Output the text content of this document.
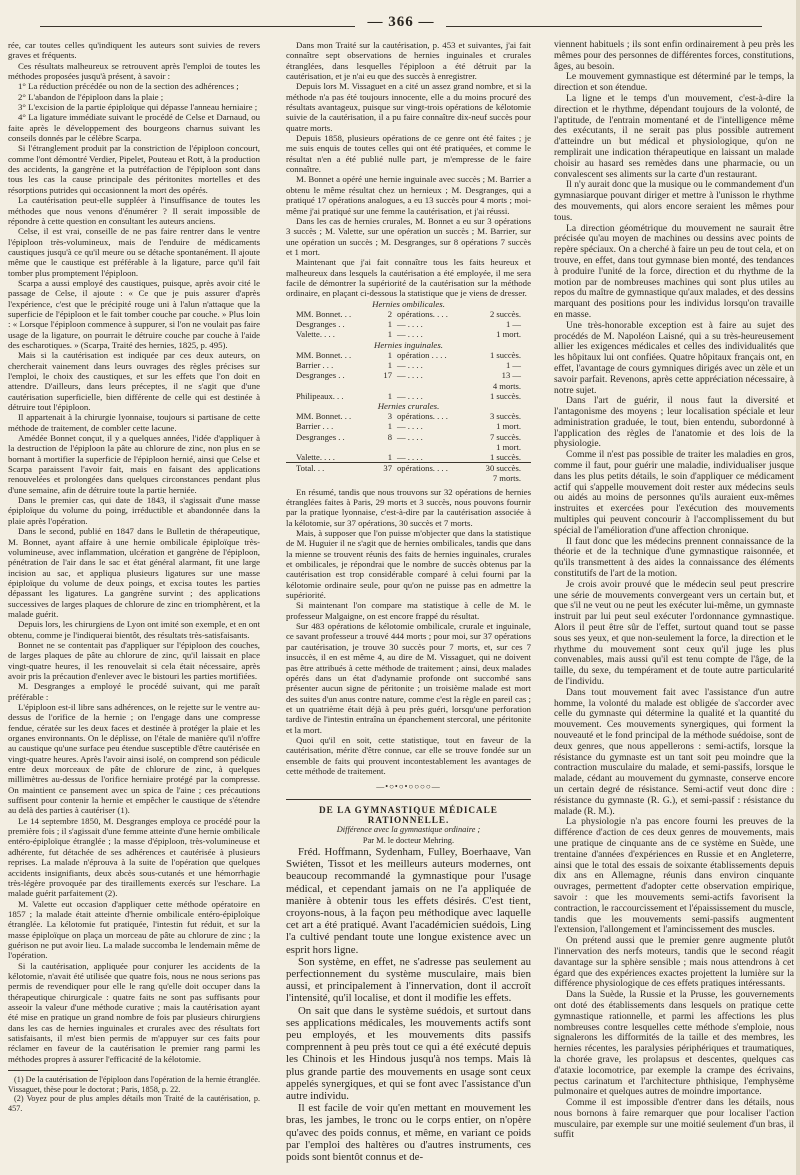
— 366 —

rée, car toutes celles qu'indiquent les auteurs sont suivies de revers graves et fréquents.

Ces résultats malheureux se retrouvent après l'emploi de toutes les méthodes proposées jusqu'à présent, à savoir :

1° La réduction précédée ou non de la section des adhérences ;

2° L'abandon de l'épiploon dans la plaie ;

3° L'excision de la partie épiploïque qui dépasse l'anneau herniaire ;

4° La ligature immédiate suivant le procédé de Celse et Darnaud, ou faite après le développement des bourgeons charnus suivant les conseils donnés par le célèbre Scarpa.

Si l'étranglement produit par la constriction de l'épiploon concourt, comme l'ont démontré Verdier, Pipelet, Pouteau et Rott, à la production des accidents, la gangrène et la putréfaction de l'épiploon sont dans tous les cas la cause principale des péritonites mortelles et des résorptions putrides qui occasionnent la mort des opérés.

La cautérisation peut-elle suppléer à l'insuffisance de toutes les méthodes que nous venons d'énumérer ? Il serait impossible de répondre à cette question en consultant les auteurs anciens.

Celse, il est vrai, conseille de ne pas faire rentrer dans le ventre l'épiploon très-volumineux, mais de l'enduire de médicaments caustiques jusqu'à ce qu'il meure ou se détache spontanément. Il ajoute même que le caustique est préférable à la ligature, parce qu'il fait tomber plus promptement l'épiploon.

Scarpa a aussi employé des caustiques, puisque, après avoir cité le passage de Celse, il ajoute : « Ce que je puis assurer d'après l'expérience, c'est que le précipité rouge uni à l'alun n'attaque que la superficie de l'épiploon et le fait tomber couche par couche. » Plus loin : « Lorsque l'épiploon commence à suppurer, si l'on ne voulait pas faire usage de la ligature, on pourrait le détruire couche par couche à l'aide des escharotiques. » (Scarpa, Traité des hernies, 1825, p. 495).

Mais si la cautérisation est indiquée par ces deux auteurs, on chercherait vainement dans leurs ouvrages des règles précises sur l'emploi, le choix des caustiques, et sur les effets que l'on doit en attendre. D'ailleurs, dans leurs préceptes, il ne s'agit que d'une cautérisation superficielle, bien différente de celle qui est destinée à détruire tout l'épiploon.

Il appartenait à la chirurgie lyonnaise, toujours si partisane de cette méthode de traitement, de combler cette lacune.

Amédée Bonnet conçut, il y a quelques années, l'idée d'appliquer à la destruction de l'épiploon la pâte au chlorure de zinc, non plus en se bornant à mortifier la superficie de l'épiploon hernié, ainsi que Celse et Scarpa paraissent l'avoir fait, mais en faisant des applications renouvelées et prolongées dans quelques circonstances pendant plus d'une semaine, afin de détruire toute la partie herniée.

Dans le premier cas, qui date de 1843, il s'agissait d'une masse épiploïque du volume du poing, irréductible et abandonnée dans la plaie après l'opération.

Dans le second, publié en 1847 dans le Bulletin de thérapeutique, M. Bonnet, ayant affaire à une hernie ombilicale épiploïque très-volumineuse, avec inflammation, ulcération et gangrène de l'épiploon, pénétration de l'air dans le sac et état général alarmant, fit une large incision au sac, et appliqua plusieurs ligatures sur une masse épiploïque du volume de deux poings, et excisa toutes les parties dépassant les ligatures. La gangrène survint ; des applications successives de larges plaques de chlorure de zinc en triomphèrent, et la malade guérit.

Depuis lors, les chirurgiens de Lyon ont imité son exemple, et en ont obtenu, comme je l'indiquerai bientôt, des résultats très-satisfaisants.

Bonnet ne se contentait pas d'appliquer sur l'épiploon des couches, de larges plaques de pâte au chlorure de zinc, qu'il laissait en place vingt-quatre heures, il les renouvelait si cela était nécessaire, après avoir pris la précaution d'enlever avec le bistouri les parties mortifiées.

M. Desgranges a employé le procédé suivant, qui me paraît préférable :

L'épiploon est-il libre sans adhérences, on le rejette sur le ventre au-dessus de l'orifice de la hernie ; on l'engage dans une compresse fendue, cératée sur les deux faces et destinée à protéger la plaie et les organes environnants. On le déplisse, on l'étale de manière qu'il n'offre au caustique qu'une surface peu étendue susceptible d'être cautérisée en vingt-quatre heures. Après l'avoir ainsi isolé, on comprend son pédicule entre deux morceaux de pâte de chlorure de zinc, à quelques millimètres au-dessus de l'orifice herniaire protégé par la compresse. On maintient ce pansement avec un spica de l'aine ; ces précautions suffisent pour contenir la hernie et empêcher le caustique de s'étendre au delà des parties à cautériser (1).

Le 14 septembre 1850, M. Desgranges employa ce procédé pour la première fois ; il s'agissait d'une femme atteinte d'une hernie ombilicale entéro-épiploïque étranglée ; la masse d'épiploon, très-volumineuse et adhérente, fut détachée de ses adhérences et cautérisée à plusieurs reprises. La malade n'éprouva à la suite de l'opération que quelques accidents insignifiants, deux abcès sous-cutanés et une hémorrhagie très-légère provoquée par des tiraillements exercés sur l'eschare. La malade guérit parfaitement (2).

M. Valette eut occasion d'appliquer cette méthode opératoire en 1857 ; la malade était atteinte d'hernie ombilicale entéro-épiploïque étranglée. La kélotomie fut pratiquée, l'intestin fut réduit, et sur la masse épiploïque on plaça un morceau de pâte au chlorure de zinc ; la guérison ne put avoir lieu. La malade succomba le lendemain même de l'opération.

Si la cautérisation, appliquée pour conjurer les accidents de la kélotomie, n'avait été utilisée que quatre fois, nous ne nous serions pas permis de revendiquer pour elle le rang qu'elle doit occuper dans la thérapeutique chirurgicale : quatre faits ne sont pas suffisants pour asseoir la valeur d'une méthode curative ; mais la cautérisation ayant été mise en pratique un grand nombre de fois par plusieurs chirurgiens dans les cas de hernies inguinales et crurales avec des résultats fort satisfaisants, il m'est bien permis de m'appuyer sur ces faits pour réclamer en faveur de la cautérisation le premier rang parmi les méthodes propres à assurer l'efficacité de la kélotomie.

(1) De la cautérisation de l'épiploon dans l'opération de la hernie étranglée. Vissaguet, thèse pour le doctorat ; Paris, 1858, p. 22.

(2) Voyez pour de plus amples détails mon Traité de la cautérisation, p. 457.

Dans mon Traité sur la cautérisation, p. 453 et suivantes, j'ai fait connaître sept observations de hernies inguinales et crurales étranglées, dans lesquelles l'épiploon a été détruit par la cautérisation, et je n'ai eu que des succès à enregistrer.

Depuis lors M. Vissaguet en a cité un assez grand nombre, et si la méthode n'a pas été toujours innocente, elle a du moins procuré des résultats avantageux, puisque sur vingt-trois opérations de kélotomie suivie de la cautérisation, il a pu faire connaître dix-neuf succès pour quatre morts.

Depuis 1858, plusieurs opérations de ce genre ont été faites ; je me suis enquis de toutes celles qui ont été pratiquées, et comme le résultat n'en a été publié nulle part, je m'empresse de le faire connaître.

M. Bonnet a opéré une hernie inguinale avec succès ; M. Barrier a obtenu le même résultat chez un hernieux ; M. Desgranges, qui a pratiqué 17 opérations analogues, a eu 13 succès pour 4 morts ; moi-même j'ai pratiqué sur une femme la cautérisation, et j'ai réussi.

Dans les cas de hernies crurales, M. Bonnet a eu sur 3 opérations 3 succès ; M. Valette, sur une opération un succès ; M. Barrier, sur une opération un succès ; M. Desgranges, sur 8 opérations 7 succès et 1 mort.

Maintenant que j'ai fait connaître tous les faits heureux et malheureux dans lesquels la cautérisation a été employée, il me sera facile de démontrer la supériorité de la cautérisation sur la méthode ordinaire, en plaçant ci-dessous la statistique que je viens de dresser.

Hernies ombilicales.

MM. Bonnet. . .	2	opérations. . . .	2 succès.
Desgranges . .	1	— . . . .	1 —
Valette. . . .	1	— . . . .	1 mort.

Hernies inguinales.

MM. Bonnet. . .	1	opération . . . .	1 succès.
Barrier . . .	1	— . . . .	1 —
Desgranges . .	17	— . . . .	13 —
			4 morts.
Philipeaux. . .	1	— . . . .	1 succès.

Hernies crurales.

MM. Bonnet. . .	3	opérations. . . .	3 succès.
Barrier . . .	1	— . . . .	1 mort.
Desgranges . .	8	— . . . .	7 succès.
			1 mort.
Valette. . . .	1	— . . . .	1 succès.
Total. . .	37	opérations. . . .	30 succès.
			7 morts.

En résumé, tandis que nous trouvons sur 32 opérations de hernies étranglées faites à Paris, 29 morts et 3 succès, nous pouvons fournir par la pratique lyonnaise, c'est-à-dire par la cautérisation associée à la kélotomie, sur 37 opérations, 30 succès et 7 morts.

Mais, à supposer que l'on puisse m'objecter que dans la statistique de M. Huguier il ne s'agit que de hernies ombilicales, tandis que dans la mienne se trouvent réunis des faits de hernies inguinales, crurales et ombilicales, je répondrai que le nombre de succès obtenus par la cautérisation est trop considérable comparé à celui fourni par la kélotomie ordinaire seule, pour qu'on ne puisse pas en admettre la supériorité.

Si maintenant l'on compare ma statistique à celle de M. le professeur Malgaigne, on est encore frappé du résultat.

Sur 483 opérations de kélotomie ombilicale, crurale et inguinale, ce savant professeur a trouvé 444 morts ; pour moi, sur 37 opérations par cautérisation, je trouve 30 succès pour 7 morts, et, sur ces 7 insuccès, il en est même 4, au dire de M. Vissaguet, qui ne doivent pas être attribués à cette méthode de traitement ; ainsi, deux malades opérés dans un état d'adynamie profonde ont succombé sans présenter aucun signe de péritonite ; un troisième malade est mort des suites d'un anus contre nature, comme c'est la règle en pareil cas ; et un quatrième était déjà à peu près guéri, lorsqu'une perforation tardive de l'intestin entraîna un épanchement stercoral, une péritonite et la mort.

Quoi qu'il en soit, cette statistique, tout en faveur de la cautérisation, mérite d'être connue, car elle se trouve fondée sur un ensemble de faits qui prouvent incontestablement les avantages de cette méthode de traitement.

—•○•○•○○○○—

DE LA GYMNASTIQUE MÉDICALE RATIONNELLE.

Différence avec la gymnastique ordinaire ;

Par M. le docteur Mehring.

Fréd. Hoffmann, Sydenham, Fulley, Boerhaave, Van Swiéten, Tissot et les meilleurs auteurs modernes, ont beaucoup recommandé la gymnastique pour l'usage médical, et cependant jamais on ne l'a appliquée de manière à obtenir tous les effets désirés. C'est tient, croyons-nous, à la façon peu méthodique avec laquelle cet art a été pratiqué. Avant l'académicien suédois, Ling l'a cultivé pendant toute une longue existence avec un esprit hors ligne.

Son système, en effet, ne s'adresse pas seulement au perfectionnement du système musculaire, mais bien aussi, et principalement à l'innervation, dont il accroît l'intensité, qu'il localise, et dont il modifie les effets.

On sait que dans le système suédois, et surtout dans ses applications médicales, les mouvements actifs sont peu employés, et les mouvements dits passifs comprennent à peu près tout ce qui a été exécuté depuis les Chinois et les Hindous jusqu'à nos temps. Mais là plus grande partie des mouvements en usage sont ceux appelés synergiques, et qui se font avec l'assistance d'un autre individu.

Il est facile de voir qu'en mettant en mouvement les bras, les jambes, le tronc ou le corps entier, on n'opère qu'avec des poids connus, et même, en variant ce poids par l'emploi des haltères ou d'autres instruments, ces poids sont bientôt connus et de-

viennent habituels ; ils sont enfin ordinairement à peu près les mêmes pour des personnes de différentes forces, constitutions, âges, au besoin.

Le mouvement gymnastique est déterminé par le temps, la direction et son étendue.

La ligne et le temps d'un mouvement, c'est-à-dire la direction et le rhythme, dépendant toujours de la volonté, de l'aptitude, de l'entrain momentané et de l'intelligence même des exécutants, il ne serait pas plus possible autrement d'atteindre un but médical et physiologique, qu'on ne remplirait une indication thérapeutique en laissant un malade choisir au hasard ses remèdes dans une pharmacie, ou un convalescent ses aliments sur la carte d'un restaurant.

Il n'y aurait donc que la musique ou le commandement d'un gymnasiarque pouvant diriger et mettre à l'unisson le rhythme des mouvements, qui alors encore seraient les mêmes pour tous.

La direction géométrique du mouvement ne saurait être précisée qu'au moyen de machines ou dessins avec points de repère spéciaux. On a cherché à faire un peu de tout cela, et on trouve, en effet, dans tout gymnase bien monté, des tendances à produire l'unité de la force, direction et du rhythme de la motion par de nombreuses machines qui sont plus utiles au repos du maître de gymnastique qu'aux malades, et des dessins marquant des positions pour les individus lorsqu'on travaille en masse.

Une très-honorable exception est à faire au sujet des procédés de M. Napoléon Laisné, qui a su très-heureusement allier les exigences médicales et celles des individualités que les hôpitaux lui ont confiées. Quatre hôpitaux français ont, en effet, l'avantage de cours gymniques dirigés avec un zèle et un savoir parfait. Revenons, après cette appréciation nécessaire, à notre sujet.

Dans l'art de guérir, il nous faut la diversité et l'antagonisme des moyens ; leur localisation spéciale et leur administration graduée, le tout, bien entendu, subordonné à l'application des règles de l'anatomie et des lois de la physiologie.

Comme il n'est pas possible de traiter les maladies en gros, comme il faut, pour guérir une maladie, individualiser jusque dans les plus petits détails, le soin d'appliquer ce médicament actif qui s'appelle mouvement doit rester aux médecins seuls ou aidés au moins de personnes qu'ils auraient eux-mêmes instruites et exercées pour l'exécution des mouvements multiples qui peuvent concourir à l'accomplissement du but spécial de l'amélioration d'une affection chronique.

Il faut donc que les médecins prennent connaissance de la théorie et de la technique d'une gymnastique raisonnée, et qu'ils transmettent à des aides la connaissance des éléments constitutifs de l'art de la motion.

Je crois avoir prouvé que le médecin seul peut prescrire une série de mouvements convergeant vers un certain but, et que s'il ne veut ou ne peut les exécuter lui-même, un gymnaste instruit par lui peut seul exécuter l'ordonnance gymnastique. Alors il peut être sûr de l'effet, surtout quand tout se passe sous ses yeux, et que non-seulement la force, la direction et le rhythme du mouvement sont ceux qu'il juge les plus convenables, mais aussi qu'il est tenu compte de l'âge, de la taille, du sexe, du tempérament et de toute autre particularité de l'individu.

Dans tout mouvement fait avec l'assistance d'un autre homme, la volonté du malade est obligée de s'accorder avec celle du gymnaste qui détermine la qualité et la quantité du mouvement. Ces mouvements synergiques, qui forment la nouveauté et le fond principal de la méthode suédoise, sont de deux genres, que nous appellerons : semi-actifs, lorsque la résistance du gymnaste est un tant soit peu moindre que la contraction musculaire du malade, et semi-passifs, lorsque le malade, cédant au mouvement du gymnaste, conserve encore un certain degré de résistance. Semi-actif veut donc dire : résistance du gymnaste (R. G.), et semi-passif : résistance du malade (R. M.).

La physiologie n'a pas encore fourni les preuves de la différence d'action de ces deux genres de mouvements, mais une pratique de cinquante ans de ce système en Suède, une trentaine d'années d'expériences en Russie et en Angleterre, ainsi que le total des essais de soixante établissements depuis dix ans en Allemagne, réunis dans environ cinquante ouvrages, permettent d'adopter cette observation empirique, savoir : que les mouvements semi-actifs favorisent la contraction, le raccourcissement et l'épaississement du muscle, tandis que les mouvements semi-passifs augmentent l'extension, l'allongement et l'amincissement des muscles.

On prétend aussi que le premier genre augmente plutôt l'innervation des nerfs moteurs, tandis que le second réagit davantage sur la sphère sensible ; mais nous attendrons à cet égard que des expériences exactes projettent la lumière sur la différence physiologique de ces effets pratiques intéressants.

Dans la Suède, la Russie et la Prusse, les gouvernements ont doté des établissements dans lesquels on pratique cette gymnastique rationnelle, et parmi les affections les plus nombreuses contre lesquelles cette méthode s'emploie, nous signalerons les difformités de la taille et des membres, les hernies récentes, les paralysies périphériques et traumatiques, la chorée grave, les prolapsus et descentes, quelques cas d'ataxie locomotrice, par exemple la crampe des écrivains, pectus carinatum et l'architecture phthisique, l'emphysème pulmonaire et quelques autres de moindre importance.

Comme il est impossible d'entrer dans les détails, nous nous bornons à faire remarquer que pour localiser l'action musculaire, par exemple sur une moitié seulement d'un bras, il suffit
